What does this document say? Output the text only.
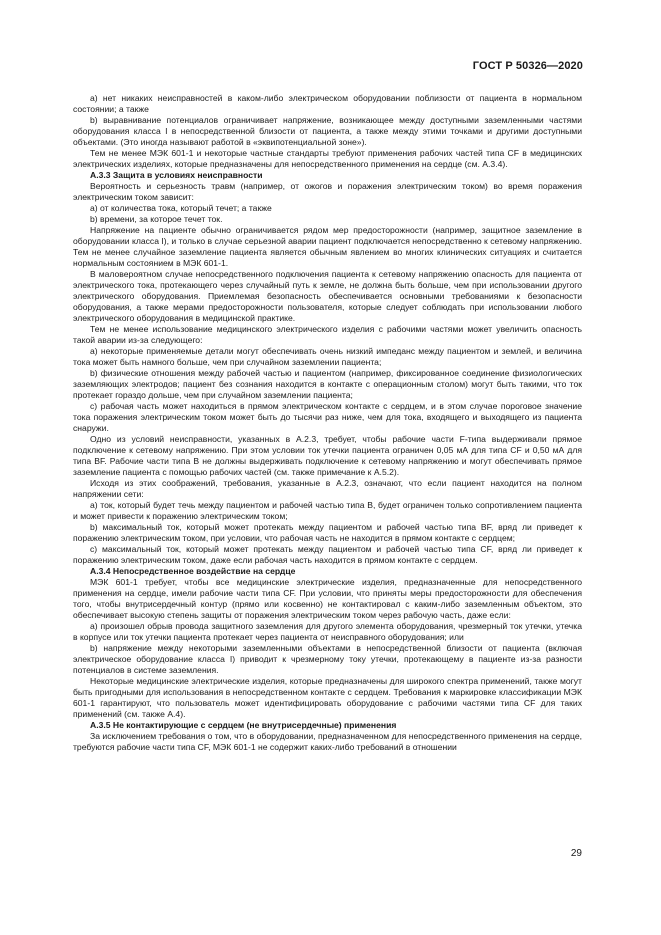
ГОСТ Р 50326—2020

a) нет никаких неисправностей в каком-либо электрическом оборудовании поблизости от пациента в нормальном состоянии; а также

b) выравнивание потенциалов ограничивает напряжение, возникающее между доступными заземленными частями оборудования класса I в непосредственной близости от пациента, а также между этими точками и другими доступными объектами. (Это иногда называют работой в «эквипотенциальной зоне»).

Тем не менее МЭК 601-1 и некоторые частные стандарты требуют применения рабочих частей типа CF в медицинских электрических изделиях, которые предназначены для непосредственного применения на сердце (см. А.3.4).

A.3.3 Защита в условиях неисправности

Вероятность и серьезность травм (например, от ожогов и поражения электрическим током) во время поражения электрическим током зависит:

a) от количества тока, который течет; а также

b) времени, за которое течет ток.

Напряжение на пациенте обычно ограничивается рядом мер предосторожности (например, защитное заземление в оборудовании класса I), и только в случае серьезной аварии пациент подключается непосредственно к сетевому напряжению. Тем не менее случайное заземление пациента является обычным явлением во многих клинических ситуациях и считается нормальным состоянием в МЭК 601-1.

В маловероятном случае непосредственного подключения пациента к сетевому напряжению опасность для пациента от электрического тока, протекающего через случайный путь к земле, не должна быть больше, чем при использовании другого электрического оборудования. Приемлемая безопасность обеспечивается основными требованиями к безопасности оборудования, а также мерами предосторожности пользователя, которые следует соблюдать при использовании любого электрического оборудования в медицинской практике.

Тем не менее использование медицинского электрического изделия с рабочими частями может увеличить опасность такой аварии из-за следующего:

a) некоторые применяемые детали могут обеспечивать очень низкий импеданс между пациентом и землей, и величина тока может быть намного больше, чем при случайном заземлении пациента;

b) физические отношения между рабочей частью и пациентом (например, фиксированное соединение физиологических заземляющих электродов; пациент без сознания находится в контакте с операционным столом) могут быть такими, что ток протекает гораздо дольше, чем при случайном заземлении пациента;

c) рабочая часть может находиться в прямом электрическом контакте с сердцем, и в этом случае пороговое значение тока поражения электрическим током может быть до тысячи раз ниже, чем для тока, входящего и выходящего из пациента снаружи.

Одно из условий неисправности, указанных в А.2.3, требует, чтобы рабочие части F-типа выдерживали прямое подключение к сетевому напряжению. При этом условии ток утечки пациента ограничен 0,05 мА для типа CF и 0,50 мА для типа BF. Рабочие части типа B не должны выдерживать подключение к сетевому напряжению и могут обеспечивать прямое заземление пациента с помощью рабочих частей (см. также примечание к А.5.2).

Исходя из этих соображений, требования, указанные в А.2.3, означают, что если пациент находится на полном напряжении сети:

a) ток, который будет течь между пациентом и рабочей частью типа B, будет ограничен только сопротивлением пациента и может привести к поражению электрическим током;

b) максимальный ток, который может протекать между пациентом и рабочей частью типа BF, вряд ли приведет к поражению электрическим током, при условии, что рабочая часть не находится в прямом контакте с сердцем;

c) максимальный ток, который может протекать между пациентом и рабочей частью типа CF, вряд ли приведет к поражению электрическим током, даже если рабочая часть находится в прямом контакте с сердцем.

A.3.4 Непосредственное воздействие на сердце

МЭК 601-1 требует, чтобы все медицинские электрические изделия, предназначенные для непосредственного применения на сердце, имели рабочие части типа CF. При условии, что приняты меры предосторожности для обеспечения того, чтобы внутрисердечный контур (прямо или косвенно) не контактировал с каким-либо заземленным объектом, это обеспечивает высокую степень защиты от поражения электрическим током через рабочую часть, даже если:

a) произошел обрыв провода защитного заземления для другого элемента оборудования, чрезмерный ток утечки, утечка в корпусе или ток утечки пациента протекает через пациента от неисправного оборудования; или

b) напряжение между некоторыми заземленными объектами в непосредственной близости от пациента (включая электрическое оборудование класса I) приводит к чрезмерному току утечки, протекающему в пациенте из-за разности потенциалов в системе заземления.

Некоторые медицинские электрические изделия, которые предназначены для широкого спектра применений, также могут быть пригодными для использования в непосредственном контакте с сердцем. Требования к маркировке классификации МЭК 601-1 гарантируют, что пользователь может идентифицировать оборудование с рабочими частями типа CF для таких применений (см. также А.4).

A.3.5 Не контактирующие с сердцем (не внутрисердечные) применения

За исключением требования о том, что в оборудовании, предназначенном для непосредственного применения на сердце, требуются рабочие части типа CF, МЭК 601-1 не содержит каких-либо требований в отношении

29
